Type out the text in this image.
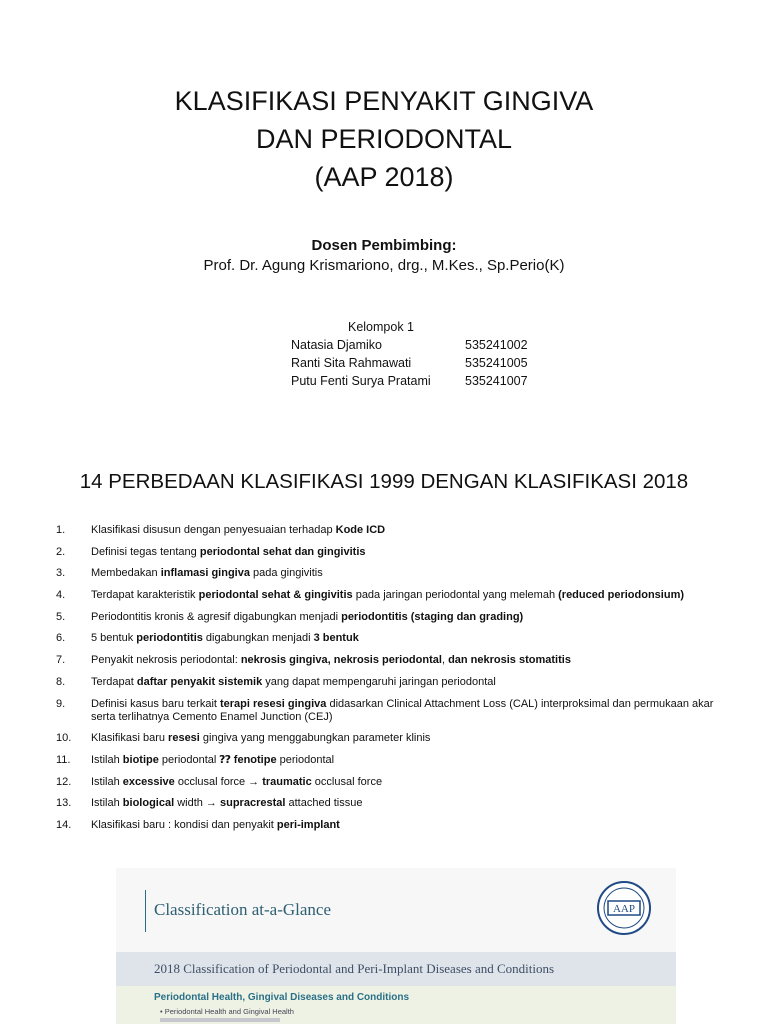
KLASIFIKASI PENYAKIT GINGIVA
DAN PERIODONTAL
(AAP 2018)
Dosen Pembimbing:
Prof. Dr. Agung Krismariono, drg., M.Kes., Sp.Perio(K)
Kelompok 1
Natasia Djamiko	535241002
Ranti Sita Rahmawati	535241005
Putu Fenti Surya Pratami	535241007
14 PERBEDAAN KLASIFIKASI 1999 DENGAN KLASIFIKASI 2018
1.	Klasifikasi disusun dengan penyesuaian terhadap Kode ICD
2.	Definisi tegas tentang periodontal sehat dan gingivitis
3.	Membedakan inflamasi gingiva pada gingivitis
4.	Terdapat karakteristik periodontal sehat & gingivitis pada jaringan periodontal yang melemah (reduced periodonsium)
5.	Periodontitis kronis & agresif digabungkan menjadi periodontitis (staging dan grading)
6.	5 bentuk periodontitis digabungkan menjadi 3 bentuk
7.	Penyakit nekrosis periodontal: nekrosis gingiva, nekrosis periodontal, dan nekrosis stomatitis
8.	Terdapat daftar penyakit sistemik yang dapat mempengaruhi jaringan periodontal
9.	Definisi kasus baru terkait terapi resesi gingiva didasarkan Clinical Attachment Loss (CAL) interproksimal dan permukaan akar serta terlihatnya Cemento Enamel Junction (CEJ)
10.	Klasifikasi baru resesi gingiva yang menggabungkan parameter klinis
11.	Istilah biotipe periodontal ⁇ fenotipe periodontal
12.	Istilah excessive occlusal force → traumatic occlusal force
13.	Istilah biological width → supracrestal attached tissue
14.	Klasifikasi baru : kondisi dan penyakit peri-implant
Classification at-a-Glance	AAP
2018 Classification of Periodontal and Peri-Implant Diseases and Conditions
Periodontal Health, Gingival Diseases and Conditions
• Periodontal Health and Gingival Health
